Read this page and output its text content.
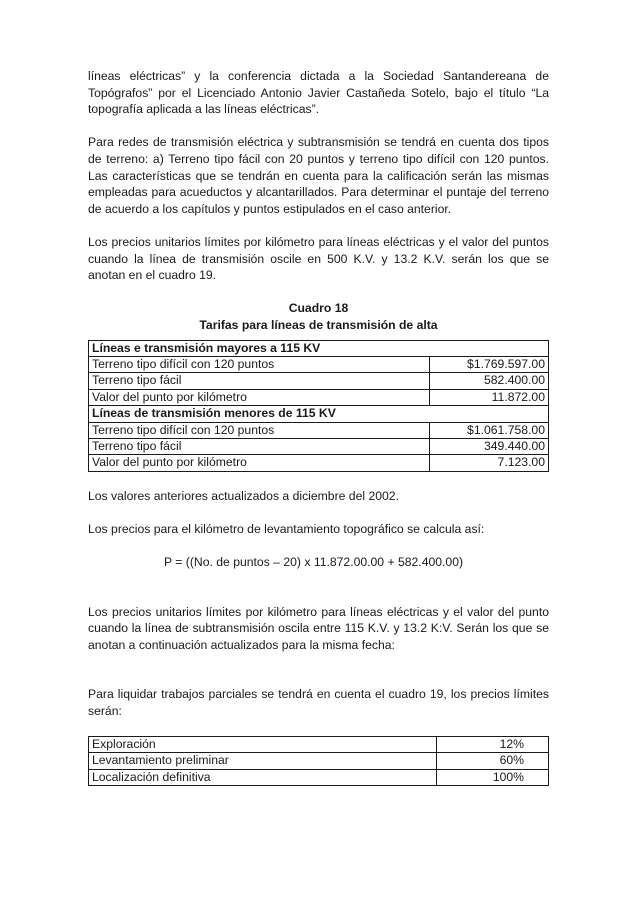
líneas eléctricas” y la conferencia dictada a la Sociedad Santandereana de Topógrafos” por el Licenciado Antonio Javier Castañeda Sotelo, bajo el título “La topografía aplicada a las líneas eléctricas”.

Para redes de transmisión eléctrica y subtransmisión se tendrá en cuenta dos tipos de terreno: a) Terreno tipo fácil con 20 puntos y terreno tipo difícil con 120 puntos. Las características que se tendrán en cuenta para la calificación serán las mismas empleadas para acueductos y alcantarillados. Para determinar el puntaje del terreno de acuerdo a los capítulos y puntos estipulados en el caso anterior.

Los precios unitarios límites por kilómetro para líneas eléctricas y el valor del puntos cuando la línea de transmisión oscile en 500 K.V. y 13.2 K.V. serán los que se anotan en el cuadro 19.

Cuadro 18
Tarifas para líneas de transmisión de alta
Líneas e transmisión mayores a 115 KV	
Terreno tipo difícil con 120 puntos	$1.769.597.00
Terreno tipo fácil	582.400.00
Valor del punto por kilómetro	11.872.00
Líneas de transmisión menores de 115 KV	
Terreno tipo difícil con 120 puntos	$1.061.758.00
Terreno tipo fácil	349.440.00
Valor del punto por kilómetro	7.123.00

Los valores anteriores actualizados a diciembre del 2002.

Los precios para el kilómetro de levantamiento topográfico se calcula así:

P = ((No. de puntos – 20) x 11.872.00.00 + 582.400.00)

Los precios unitarios límites por kilómetro para líneas eléctricas y el valor del punto cuando la línea de subtransmisión oscila entre 115 K.V. y 13.2 K:V. Serán los que se anotan a continuación actualizados para la misma fecha:

Para liquidar trabajos parciales se tendrá en cuenta el cuadro 19, los precios límites serán:

Exploración	12%
Levantamiento preliminar	60%
Localización definitiva	100%
